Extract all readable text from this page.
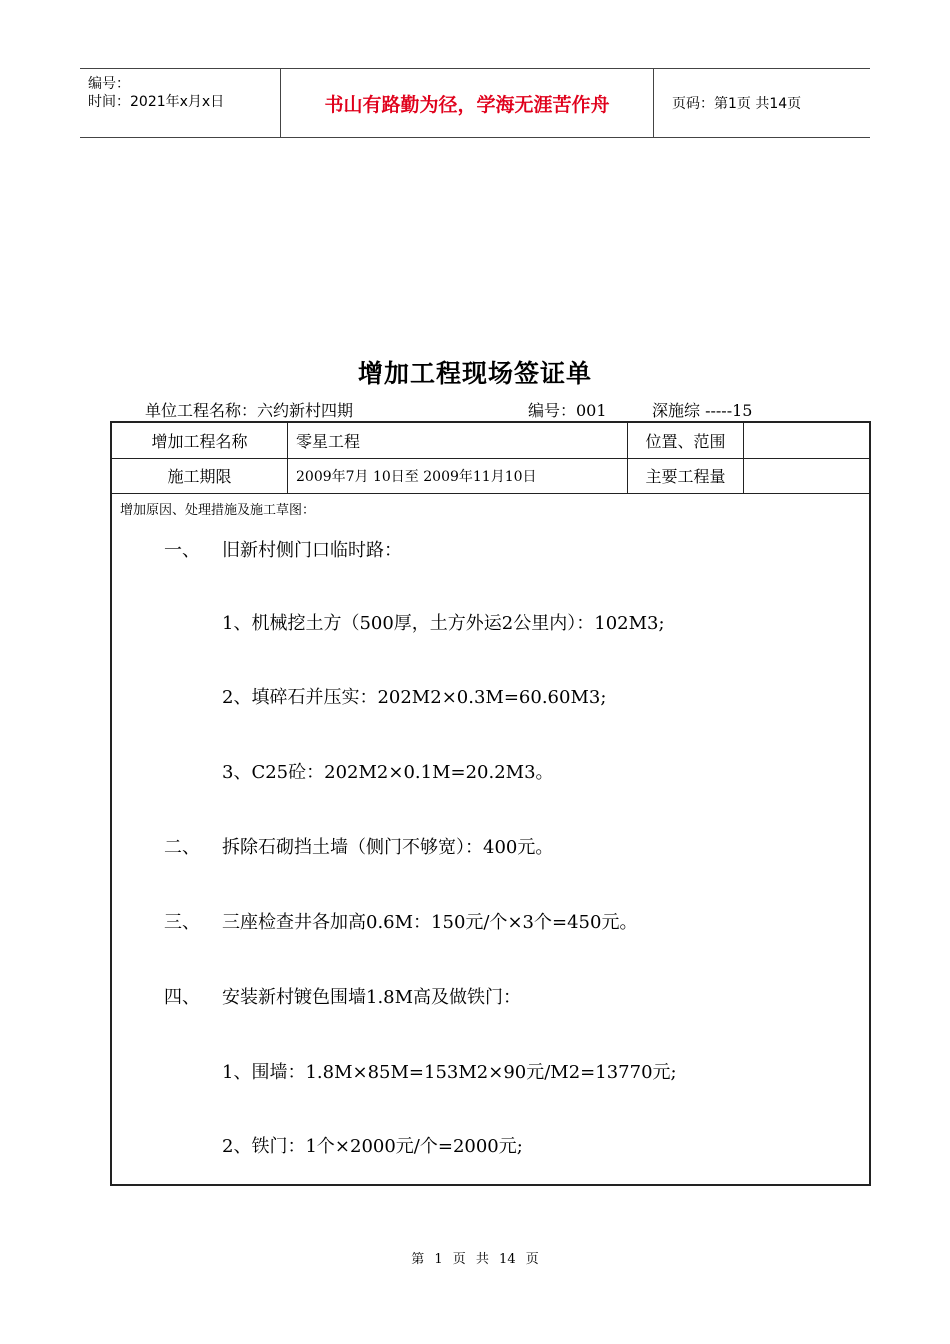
编号：
时间：2021年x月x日	书山有路勤为径，学海无涯苦作舟	页码：第1页 共14页
增加工程现场签证单
单位工程名称：六约新村四期	编号：001	深施综 -----15
增加工程名称	零星工程	位置、范围
施工期限	2009年7月 10日至 2009年11月10日	主要工程量
增加原因、处理措施及施工草图：
一、 旧新村侧门口临时路：
1、机械挖土方（500厚，土方外运2公里内）：102M3;
2、填碎石并压实：202M2×0.3M=60.60M3;
3、C25砼：202M2×0.1M=20.2M3。
二、 拆除石砌挡土墙（侧门不够宽）：400元。
三、 三座检查井各加高0.6M：150元/个×3个=450元。
四、 安装新村镀色围墙1.8M高及做铁门：
1、围墙：1.8M×85M=153M2×90元/M2=13770元;
2、铁门：1个×2000元/个=2000元;
第 1 页 共 14 页
